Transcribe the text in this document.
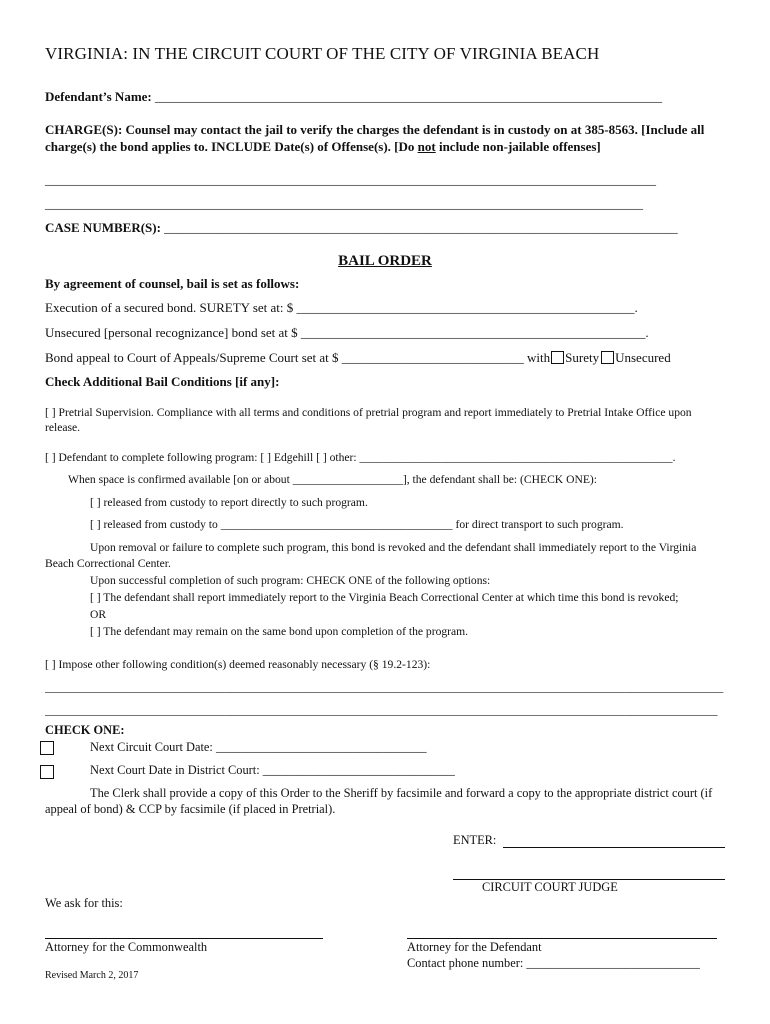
VIRGINIA: IN THE CIRCUIT COURT OF THE CITY OF VIRGINIA BEACH
Defendant’s Name: ______________________________________________________________________________
CHARGE(S): Counsel may contact the jail to verify the charges the defendant is in custody on at 385-8563. [Include all
charge(s) the bond applies to. INCLUDE Date(s) of Offense(s). [Do not include non-jailable offenses]
______________________________________________________________________________________________
____________________________________________________________________________________________
CASE NUMBER(S): _______________________________________________________________________________
BAIL ORDER
By agreement of counsel, bail is set as follows:
Execution of a secured bond. SURETY set at: $ ____________________________________________________.
Unsecured [personal recognizance] bond set at $ _____________________________________________________.
Bond appeal to Court of Appeals/Supreme Court set at $ ____________________________ with Surety Unsecured
Check Additional Bail Conditions [if any]:
[ ] Pretrial Supervision. Compliance with all terms and conditions of pretrial program and report immediately to Pretrial Intake Office upon
release.
[ ] Defendant to complete following program: [ ] Edgehill [ ] other: ______________________________________________________.
When space is confirmed available [on or about ___________________], the defendant shall be: (CHECK ONE):
[ ] released from custody to report directly to such program.
[ ] released from custody to ________________________________________ for direct transport to such program.
Upon removal or failure to complete such program, this bond is revoked and the defendant shall immediately report to the Virginia
Beach Correctional Center.
Upon successful completion of such program: CHECK ONE of the following options:
[ ] The defendant shall report immediately report to the Virginia Beach Correctional Center at which time this bond is revoked;
OR
[ ] The defendant may remain on the same bond upon completion of the program.
[ ] Impose other following condition(s) deemed reasonably necessary (§ 19.2-123):
_____________________________________________________________________________________________________________________
____________________________________________________________________________________________________________________
CHECK ONE:
Next Circuit Court Date: __________________________________
Next Court Date in District Court: _______________________________
The Clerk shall provide a copy of this Order to the Sheriff by facsimile and forward a copy to the appropriate district court (if
appeal of bond) & CCP by facsimile (if placed in Pretrial).
ENTER:
CIRCUIT COURT JUDGE
We ask for this:
Attorney for the Commonwealth	Attorney for the Defendant
Contact phone number: ____________________________
Revised March 2, 2017
